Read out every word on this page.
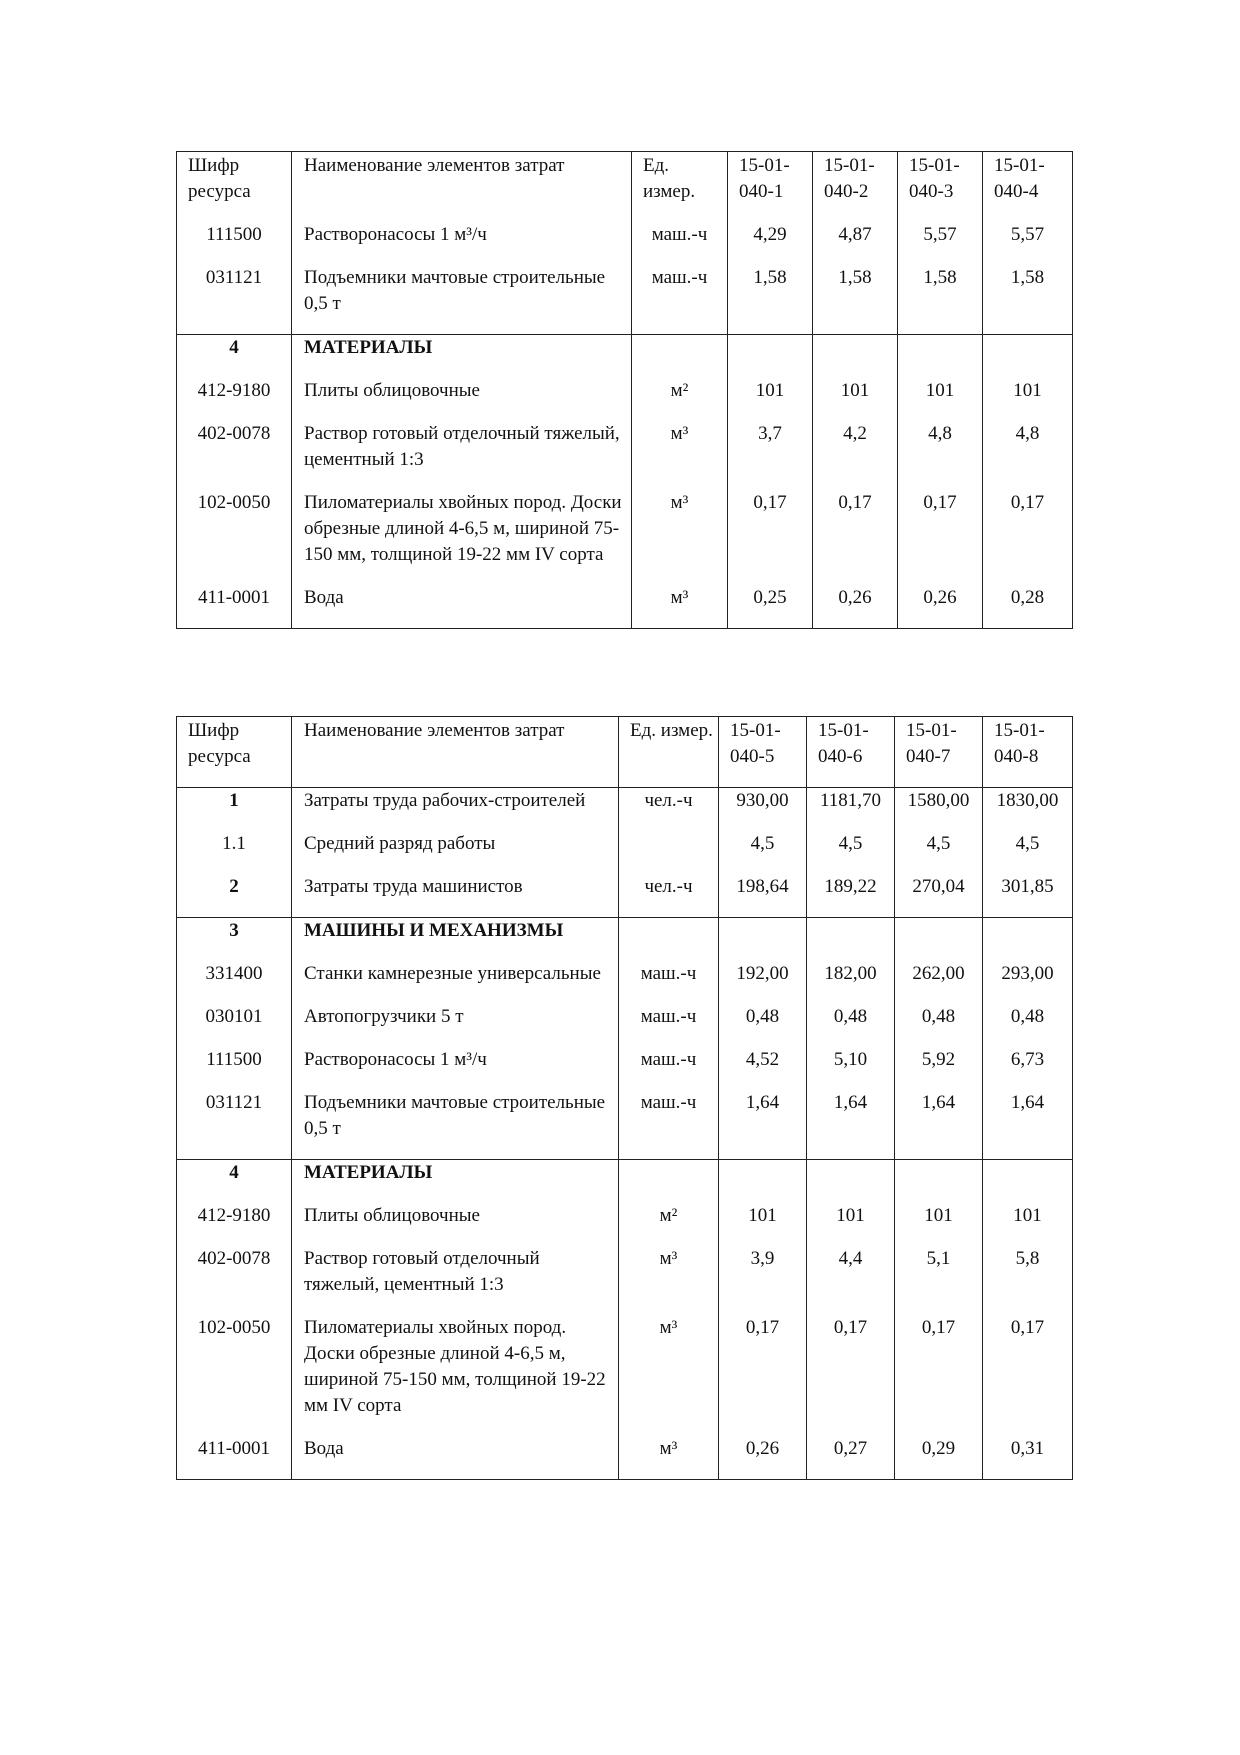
Шифр ресурса	Наименование элементов затрат	Ед. измер.	15-01-040-1	15-01-040-2	15-01-040-3	15-01-040-4
111500	Растворонасосы 1 м³/ч	маш.-ч	4,29	4,87	5,57	5,57
031121	Подъемники мачтовые строительные 0,5 т	маш.-ч	1,58	1,58	1,58	1,58
4	МАТЕРИАЛЫ					
412-9180	Плиты облицовочные	м²	101	101	101	101
402-0078	Раствор готовый отделочный тяжелый, цементный 1:3	м³	3,7	4,2	4,8	4,8
102-0050	Пиломатериалы хвойных пород. Доски обрезные длиной 4-6,5 м, шириной 75-150 мм, толщиной 19-22 мм IV сорта	м³	0,17	0,17	0,17	0,17
411-0001	Вода	м³	0,25	0,26	0,26	0,28
Шифр ресурса	Наименование элементов затрат	Ед. измер.	15-01-040-5	15-01-040-6	15-01-040-7	15-01-040-8
1	Затраты труда рабочих-строителей	чел.-ч	930,00	1181,70	1580,00	1830,00
1.1	Средний разряд работы		4,5	4,5	4,5	4,5
2	Затраты труда машинистов	чел.-ч	198,64	189,22	270,04	301,85
3	МАШИНЫ И МЕХАНИЗМЫ					
331400	Станки камнерезные универсальные	маш.-ч	192,00	182,00	262,00	293,00
030101	Автопогрузчики 5 т	маш.-ч	0,48	0,48	0,48	0,48
111500	Растворонасосы 1 м³/ч	маш.-ч	4,52	5,10	5,92	6,73
031121	Подъемники мачтовые строительные 0,5 т	маш.-ч	1,64	1,64	1,64	1,64
4	МАТЕРИАЛЫ					
412-9180	Плиты облицовочные	м²	101	101	101	101
402-0078	Раствор готовый отделочный тяжелый, цементный 1:3	м³	3,9	4,4	5,1	5,8
102-0050	Пиломатериалы хвойных пород. Доски обрезные длиной 4-6,5 м, шириной 75-150 мм, толщиной 19-22 мм IV сорта	м³	0,17	0,17	0,17	0,17
411-0001	Вода	м³	0,26	0,27	0,29	0,31
